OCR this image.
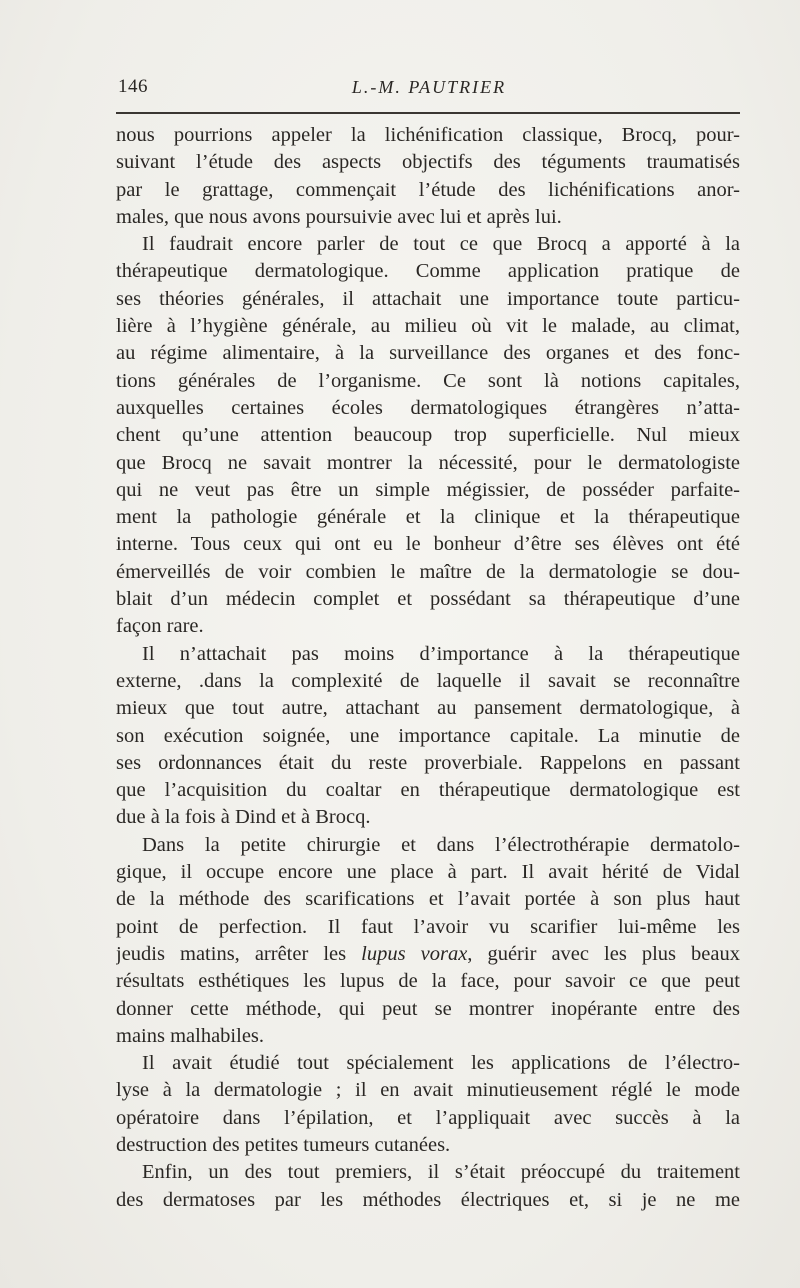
146	L.-M. PAUTRIER
nous pourrions appeler la lichénification classique, Brocq, pour-
suivant l’étude des aspects objectifs des téguments traumatisés
par le grattage, commençait l’étude des lichénifications anor-
males, que nous avons poursuivie avec lui et après lui.
Il faudrait encore parler de tout ce que Brocq a apporté à la
thérapeutique dermatologique. Comme application pratique de
ses théories générales, il attachait une importance toute particu-
lière à l’hygiène générale, au milieu où vit le malade, au climat,
au régime alimentaire, à la surveillance des organes et des fonc-
tions générales de l’organisme. Ce sont là notions capitales,
auxquelles certaines écoles dermatologiques étrangères n’atta-
chent qu’une attention beaucoup trop superficielle. Nul mieux
que Brocq ne savait montrer la nécessité, pour le dermatologiste
qui ne veut pas être un simple mégissier, de posséder parfaite-
ment la pathologie générale et la clinique et la thérapeutique
interne. Tous ceux qui ont eu le bonheur d’être ses élèves ont été
émerveillés de voir combien le maître de la dermatologie se dou-
blait d’un médecin complet et possédant sa thérapeutique d’une
façon rare.
Il n’attachait pas moins d’importance à la thérapeutique
externe, .dans la complexité de laquelle il savait se reconnaître
mieux que tout autre, attachant au pansement dermatologique, à
son exécution soignée, une importance capitale. La minutie de
ses ordonnances était du reste proverbiale. Rappelons en passant
que l’acquisition du coaltar en thérapeutique dermatologique est
due à la fois à Dind et à Brocq.
Dans la petite chirurgie et dans l’électrothérapie dermatolo-
gique, il occupe encore une place à part. Il avait hérité de Vidal
de la méthode des scarifications et l’avait portée à son plus haut
point de perfection. Il faut l’avoir vu scarifier lui-même les
jeudis matins, arrêter les lupus vorax, guérir avec les plus beaux
résultats esthétiques les lupus de la face, pour savoir ce que peut
donner cette méthode, qui peut se montrer inopérante entre des
mains malhabiles.
Il avait étudié tout spécialement les applications de l’électro-
lyse à la dermatologie ; il en avait minutieusement réglé le mode
opératoire dans l’épilation, et l’appliquait avec succès à la
destruction des petites tumeurs cutanées.
Enfin, un des tout premiers, il s’était préoccupé du traitement
des dermatoses par les méthodes électriques et, si je ne me
